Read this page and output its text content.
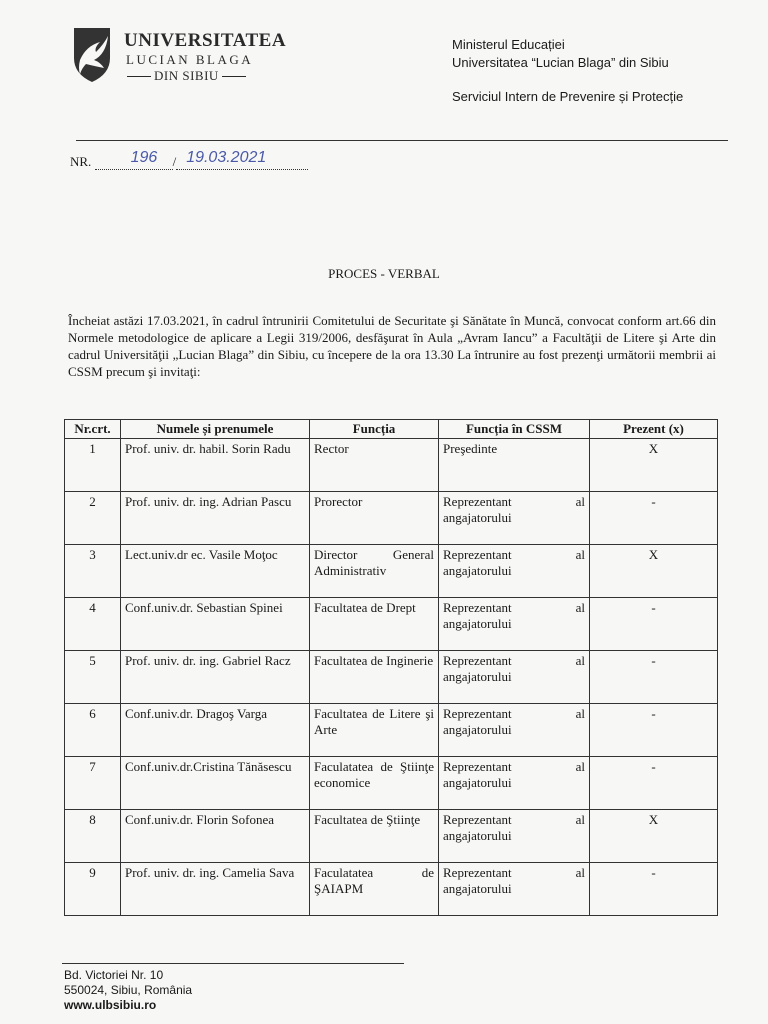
UNIVERSITATEA
LUCIAN BLAGA
DIN SIBIU
Ministerul Educației
Universitatea “Lucian Blaga” din Sibiu
Serviciul Intern de Prevenire și Protecție
NR. 196 / 19.03.2021
PROCES - VERBAL
Încheiat astăzi 17.03.2021, în cadrul întrunirii Comitetului de Securitate şi Sănătate în Muncă, convocat conform art.66 din Normele metodologice de aplicare a Legii 319/2006, desfăşurat în Aula „Avram Iancu” a Facultăţii de Litere şi Arte din cadrul Universităţii „Lucian Blaga” din Sibiu, cu începere de la ora 13.30 La întrunire au fost prezenţi următorii membrii ai CSSM precum şi invitaţi:
Nr.crt.	Numele și prenumele	Funcția	Funcția în CSSM	Prezent (x)
1	Prof. univ. dr. habil. Sorin Radu	Rector	Preşedinte	X
2	Prof. univ. dr. ing. Adrian Pascu	Prorector	Reprezentant al
angajatorului	-
3	Lect.univ.dr ec. Vasile Moţoc	Director General Administrativ	Reprezentant al
angajatorului	X
4	Conf.univ.dr. Sebastian Spinei	Facultatea de Drept	Reprezentant al
angajatorului	-
5	Prof. univ. dr. ing. Gabriel Racz	Facultatea de Inginerie	Reprezentant al
angajatorului	-
6	Conf.univ.dr. Dragoş Varga	Facultatea de Litere şi Arte	Reprezentant al
angajatorului	-
7	Conf.univ.dr.Cristina Tănăsescu	Faculatatea de Ştiinţe economice	Reprezentant al
angajatorului	-
8	Conf.univ.dr. Florin Sofonea	Facultatea de Ştiinţe	Reprezentant al
angajatorului	X
9	Prof. univ. dr. ing. Camelia Sava	Faculatatea de ŞAIAPM	Reprezentant al
angajatorului	-
Bd. Victoriei Nr. 10
550024, Sibiu, România
www.ulbsibiu.ro
